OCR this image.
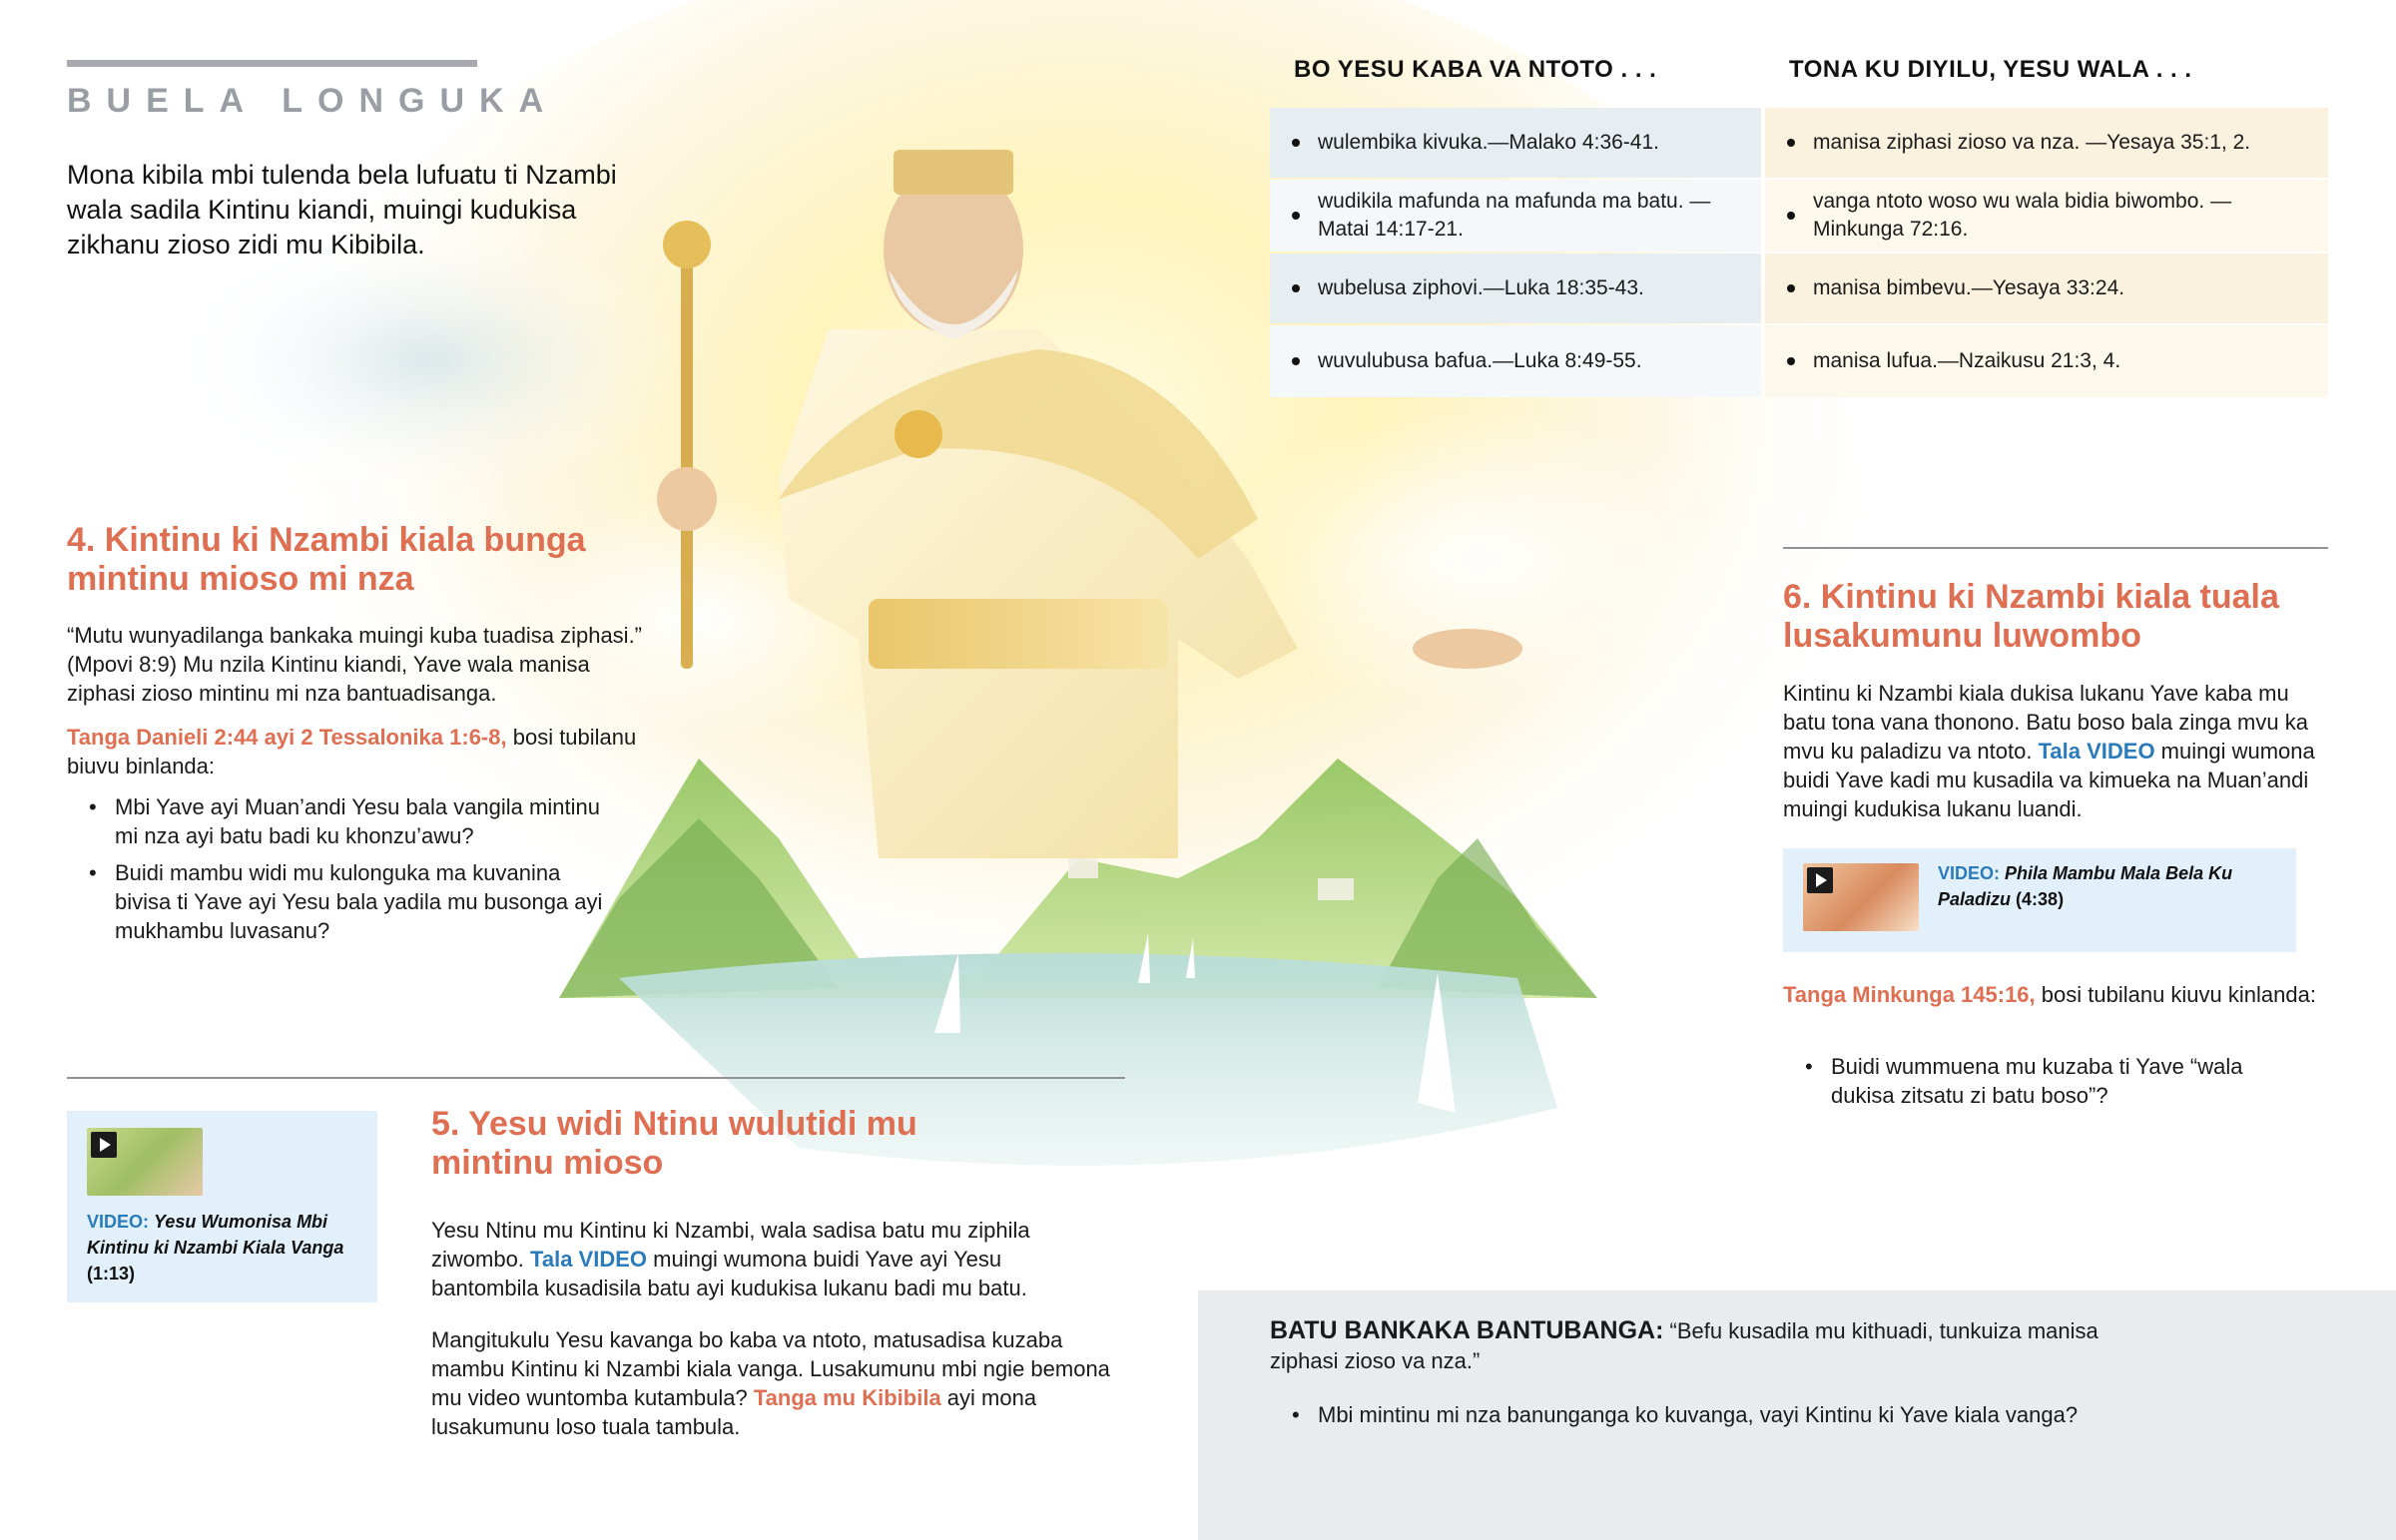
BUELA LONGUKA
Mona kibila mbi tulenda bela lufuatu ti Nzambi wala sadila Kintinu kiandi, muingi kudukisa zikhanu zioso zidi mu Kibibila.
BO YESU KABA VA NTOTO . . .	TONA KU DIYILU, YESU WALA . . .
wulembika kivuka.—Malako 4:36-41.
wudikila mafunda na mafunda ma batu. —Matai 14:17-21.
wubelusa ziphovi.—Luka 18:35-43.
wuvulubusa bafua.—Luka 8:49-55.
manisa ziphasi zioso va nza. —Yesaya 35:1, 2.
vanga ntoto woso wu wala bidia biwombo. —Minkunga 72:16.
manisa bimbevu.—Yesaya 33:24.
manisa lufua.—Nzaikusu 21:3, 4.
4. Kintinu ki Nzambi kiala bunga mintinu mioso mi nza
“Mutu wunyadilanga bankaka muingi kuba tuadisa ziphasi.” (Mpovi 8:9) Mu nzila Kintinu kiandi, Yave wala manisa ziphasi zioso mintinu mi nza bantuadisanga.
Tanga Danieli 2:44 ayi 2 Tessalonika 1:6-8, bosi tubilanu biuvu binlanda:
• Mbi Yave ayi Muan’andi Yesu bala vangila mintinu mi nza ayi batu badi ku khonzu’awu?
• Buidi mambu widi mu kulonguka ma kuvanina bivisa ti Yave ayi Yesu bala yadila mu busonga ayi mukhambu luvasanu?
VIDEO: Yesu Wumonisa Mbi Kintinu ki Nzambi Kiala Vanga (1:13)
5. Yesu widi Ntinu wulutidi mu mintinu mioso
Yesu Ntinu mu Kintinu ki Nzambi, wala sadisa batu mu ziphila ziwombo. Tala VIDEO muingi wumona buidi Yave ayi Yesu bantombila kusadisila batu ayi kudukisa lukanu badi mu batu.
Mangitukulu Yesu kavanga bo kaba va ntoto, matusadisa kuzaba mambu Kintinu ki Nzambi kiala vanga. Lusakumunu mbi ngie bemona mu video wuntomba kutambula? Tanga mu Kibibila ayi mona lusakumunu loso tuala tambula.
6. Kintinu ki Nzambi kiala tuala lusakumunu luwombo
Kintinu ki Nzambi kiala dukisa lukanu Yave kaba mu batu tona vana thonono. Batu boso bala zinga mvu ka mvu ku paladizu va ntoto. Tala VIDEO muingi wumona buidi Yave kadi mu kusadila va kimueka na Muan’andi muingi kudukisa lukanu luandi.
VIDEO: Phila Mambu Mala Bela Ku Paladizu (4:38)
Tanga Minkunga 145:16, bosi tubilanu kiuvu kinlanda:
• Buidi wummuena mu kuzaba ti Yave “wala dukisa zitsatu zi batu boso”?
BATU BANKAKA BANTUBANGA: “Befu kusadila mu kithuadi, tunkuiza manisa ziphasi zioso va nza.”
• Mbi mintinu mi nza banunganga ko kuvanga, vayi Kintinu ki Yave kiala vanga?
